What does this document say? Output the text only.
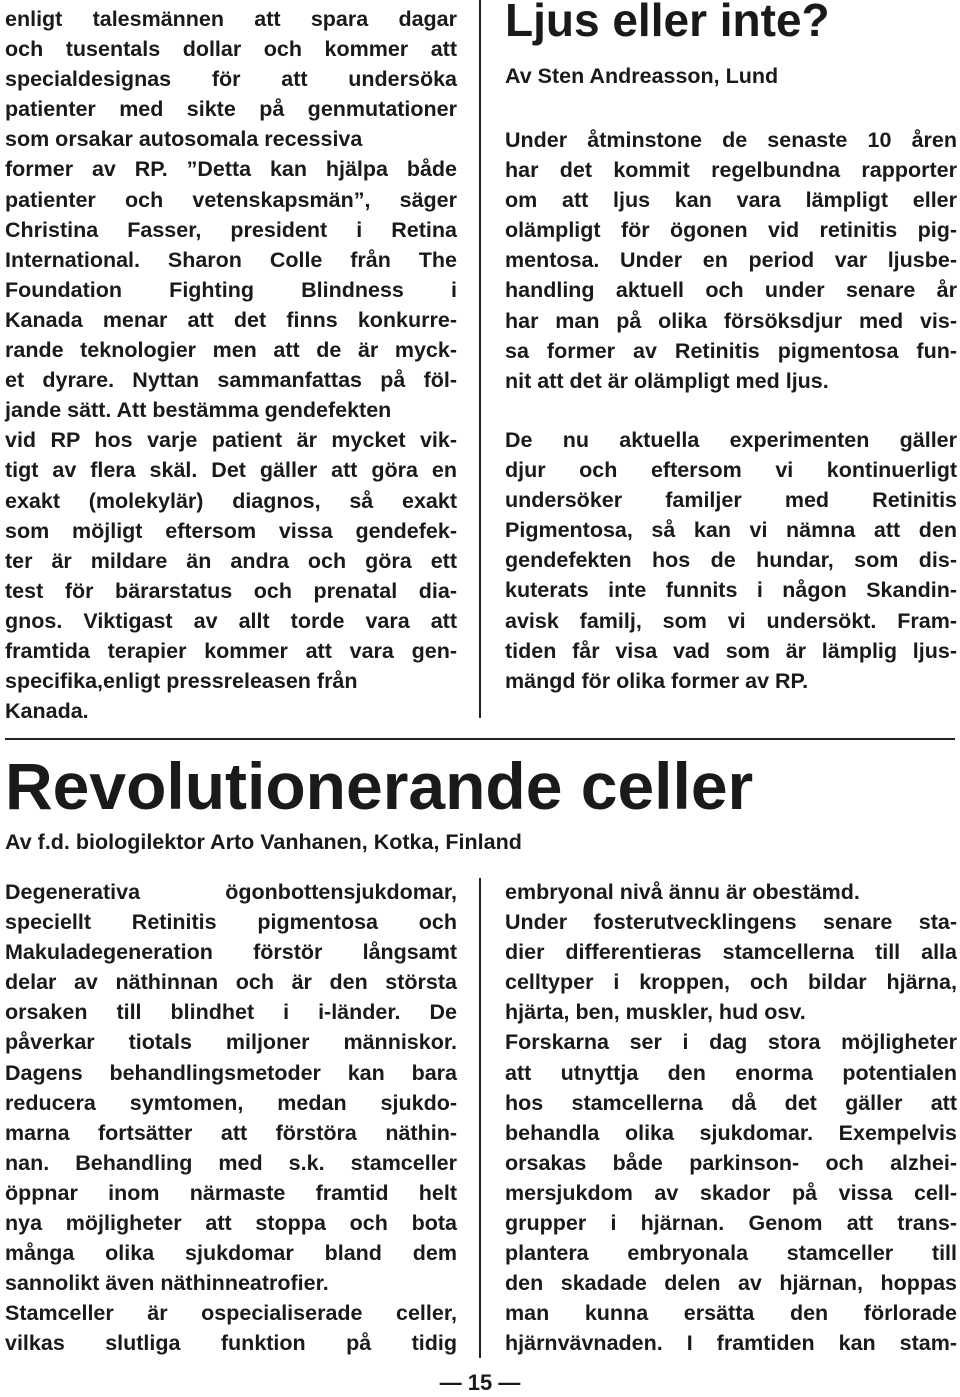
enligt talesmännen att spara dagar
och tusentals dollar och kommer att
specialdesignas för att undersöka
patienter med sikte på genmutationer
som orsakar autosomala recessiva
former av RP. ”Detta kan hjälpa både
patienter och vetenskapsmän”, säger
Christina Fasser, president i Retina
International. Sharon Colle från The
Foundation Fighting Blindness i
Kanada menar att det finns konkurre-
rande teknologier men att de är myck-
et dyrare. Nyttan sammanfattas på föl-
jande sätt. Att bestämma gendefekten
vid RP hos varje patient är mycket vik-
tigt av flera skäl. Det gäller att göra en
exakt (molekylär) diagnos, så exakt
som möjligt eftersom vissa gendefek-
ter är mildare än andra och göra ett
test för bärarstatus och prenatal dia-
gnos. Viktigast av allt torde vara att
framtida terapier kommer att vara gen-
specifika,enligt pressreleasen från
Kanada.
Ljus eller inte?
Av Sten Andreasson, Lund
Under åtminstone de senaste 10 åren
har det kommit regelbundna rapporter
om att ljus kan vara lämpligt eller
olämpligt för ögonen vid retinitis pig-
mentosa. Under en period var ljusbe-
handling aktuell och under senare år
har man på olika försöksdjur med vis-
sa former av Retinitis pigmentosa fun-
nit att det är olämpligt med ljus.
De nu aktuella experimenten gäller
djur och eftersom vi kontinuerligt
undersöker familjer med Retinitis
Pigmentosa, så kan vi nämna att den
gendefekten hos de hundar, som dis-
kuterats inte funnits i någon Skandin-
avisk familj, som vi undersökt. Fram-
tiden får visa vad som är lämplig ljus-
mängd för olika former av RP.
Revolutionerande celler
Av f.d. biologilektor Arto Vanhanen, Kotka, Finland
Degenerativa ögonbottensjukdomar,
speciellt Retinitis pigmentosa och
Makuladegeneration förstör långsamt
delar av näthinnan och är den största
orsaken till blindhet i i-länder. De
påverkar tiotals miljoner människor.
Dagens behandlingsmetoder kan bara
reducera symtomen, medan sjukdo-
marna fortsätter att förstöra näthin-
nan. Behandling med s.k. stamceller
öppnar inom närmaste framtid helt
nya möjligheter att stoppa och bota
många olika sjukdomar bland dem
sannolikt även näthinneatrofier.
Stamceller är ospecialiserade celler,
vilkas slutliga funktion på tidig
embryonal nivå ännu är obestämd.
Under fosterutvecklingens senare sta-
dier differentieras stamcellerna till alla
celltyper i kroppen, och bildar hjärna,
hjärta, ben, muskler, hud osv.
Forskarna ser i dag stora möjligheter
att utnyttja den enorma potentialen
hos stamcellerna då det gäller att
behandla olika sjukdomar. Exempelvis
orsakas både parkinson- och alzhei-
mersjukdom av skador på vissa cell-
grupper i hjärnan. Genom att trans-
plantera embryonala stamceller till
den skadade delen av hjärnan, hoppas
man kunna ersätta den förlorade
hjärnvävnaden. I framtiden kan stam-
— 15 —
